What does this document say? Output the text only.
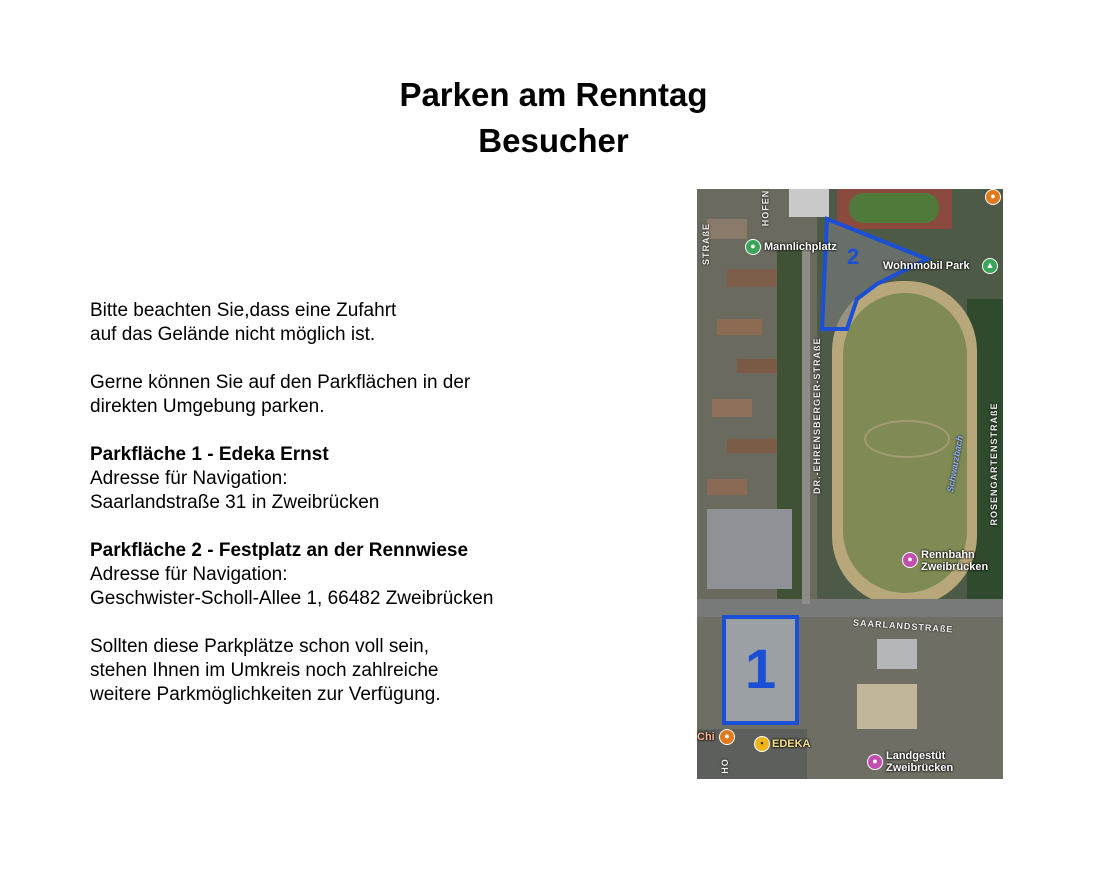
Parken am Renntag
Besucher

Bitte beachten Sie,dass eine Zufahrt
auf das Gelände nicht möglich ist.

Gerne können Sie auf den Parkflächen in der
direkten Umgebung parken.

Parkfläche 1 - Edeka Ernst
Adresse für Navigation:
Saarlandstraße 31 in Zweibrücken

Parkfläche 2 - Festplatz an der Rennwiese
Adresse für Navigation:
Geschwister-Scholl-Allee 1, 66482 Zweibrücken

Sollten diese Parkplätze schon voll sein,
stehen Ihnen im Umkreis noch zahlreiche
weitere Parkmöglichkeiten zur Verfügung.

2
1
● Mannlichplatz
Wohnmobil Park	▲
●
● Rennbahn
Zweibrücken
▪ EDEKA
Chi	●
● Landgestüt
Zweibrücken
SAARLANDSTRAßE
DR.-EHRENSBERGER-STRAßE	ROSENGARTENSTRAßE
Schwarzbach
HOFEN
STRAßE
HO
